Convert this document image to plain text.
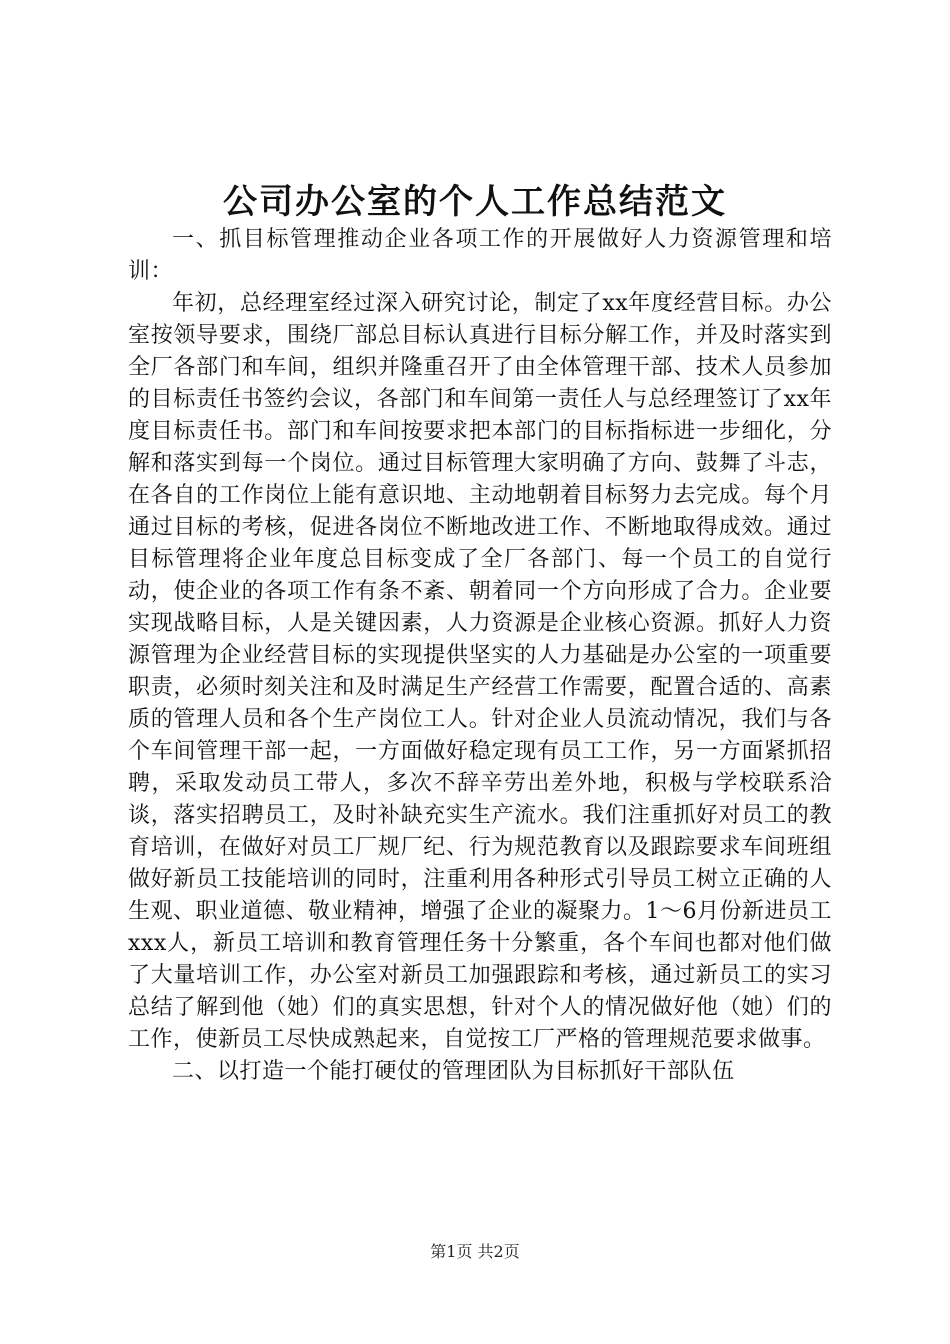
公司办公室的个人工作总结范文

一、抓目标管理推动企业各项工作的开展做好人力资源管理和培训：

年初，总经理室经过深入研究讨论，制定了xx年度经营目标。办公室按领导要求，围绕厂部总目标认真进行目标分解工作，并及时落实到全厂各部门和车间，组织并隆重召开了由全体管理干部、技术人员参加的目标责任书签约会议，各部门和车间第一责任人与总经理签订了xx年度目标责任书。部门和车间按要求把本部门的目标指标进一步细化，分解和落实到每一个岗位。通过目标管理大家明确了方向、鼓舞了斗志，在各自的工作岗位上能有意识地、主动地朝着目标努力去完成。每个月通过目标的考核，促进各岗位不断地改进工作、不断地取得成效。通过目标管理将企业年度总目标变成了全厂各部门、每一个员工的自觉行动，使企业的各项工作有条不紊、朝着同一个方向形成了合力。企业要实现战略目标，人是关键因素，人力资源是企业核心资源。抓好人力资源管理为企业经营目标的实现提供坚实的人力基础是办公室的一项重要职责，必须时刻关注和及时满足生产经营工作需要，配置合适的、高素质的管理人员和各个生产岗位工人。针对企业人员流动情况，我们与各个车间管理干部一起，一方面做好稳定现有员工工作，另一方面紧抓招聘，采取发动员工带人，多次不辞辛劳出差外地，积极与学校联系洽谈，落实招聘员工，及时补缺充实生产流水。我们注重抓好对员工的教育培训，在做好对员工厂规厂纪、行为规范教育以及跟踪要求车间班组做好新员工技能培训的同时，注重利用各种形式引导员工树立正确的人生观、职业道德、敬业精神，增强了企业的凝聚力。1～6月份新进员工xxx人，新员工培训和教育管理任务十分繁重，各个车间也都对他们做了大量培训工作，办公室对新员工加强跟踪和考核，通过新员工的实习总结了解到他（她）们的真实思想，针对个人的情况做好他（她）们的工作，使新员工尽快成熟起来，自觉按工厂严格的管理规范要求做事。

二、以打造一个能打硬仗的管理团队为目标抓好干部队伍

第1页 共2页
